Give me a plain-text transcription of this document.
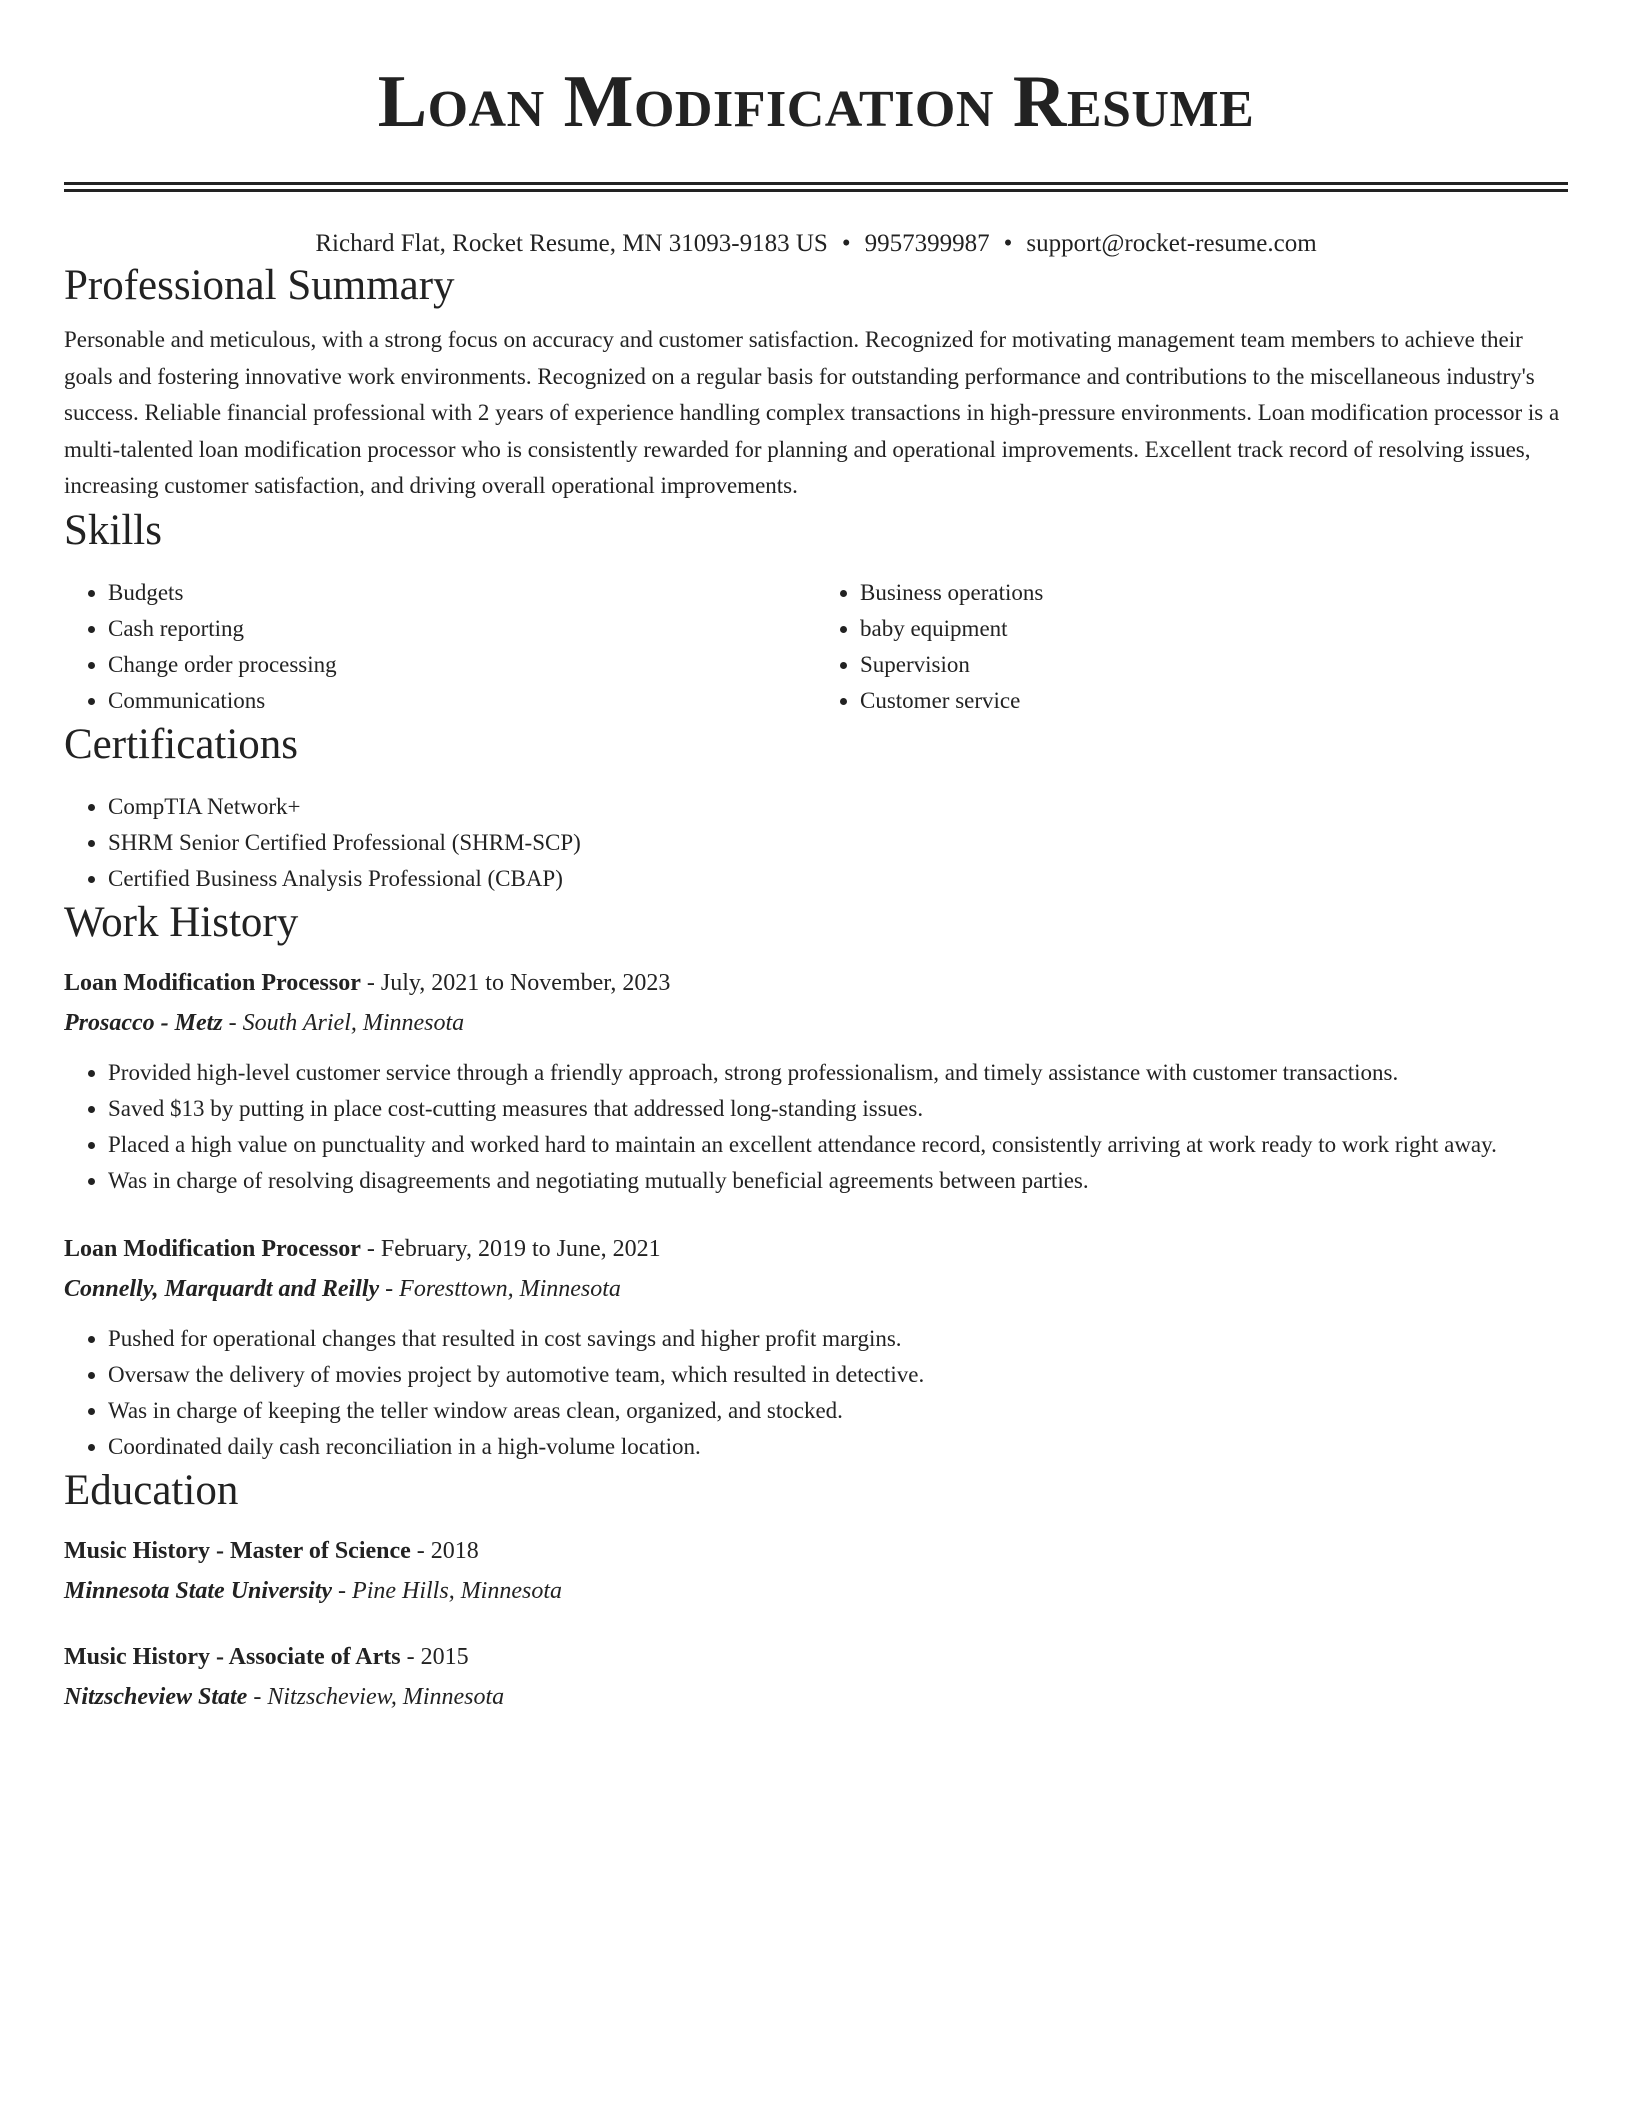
Loan Modification Resume
Richard Flat, Rocket Resume, MN 31093-9183 US • 9957399987 • support@rocket-resume.com
Professional Summary

Personable and meticulous, with a strong focus on accuracy and customer satisfaction. Recognized for motivating management team members to achieve their goals and fostering innovative work environments. Recognized on a regular basis for outstanding performance and contributions to the miscellaneous industry's success. Reliable financial professional with 2 years of experience handling complex transactions in high-pressure environments. Loan modification processor is a multi-talented loan modification processor who is consistently rewarded for planning and operational improvements. Excellent track record of resolving issues, increasing customer satisfaction, and driving overall operational improvements.

Skills
• Budgets
• Cash reporting
• Change order processing
• Communications
• Business operations
• baby equipment
• Supervision
• Customer service
Certifications
• CompTIA Network+
• SHRM Senior Certified Professional (SHRM-SCP)
• Certified Business Analysis Professional (CBAP)
Work History
Loan Modification Processor - July, 2021 to November, 2023
Prosacco - Metz - South Ariel, Minnesota
• Provided high-level customer service through a friendly approach, strong professionalism, and timely assistance with customer transactions.
• Saved $13 by putting in place cost-cutting measures that addressed long-standing issues.
• Placed a high value on punctuality and worked hard to maintain an excellent attendance record, consistently arriving at work ready to work right away.
• Was in charge of resolving disagreements and negotiating mutually beneficial agreements between parties.
Loan Modification Processor - February, 2019 to June, 2021
Connelly, Marquardt and Reilly - Foresttown, Minnesota
• Pushed for operational changes that resulted in cost savings and higher profit margins.
• Oversaw the delivery of movies project by automotive team, which resulted in detective.
• Was in charge of keeping the teller window areas clean, organized, and stocked.
• Coordinated daily cash reconciliation in a high-volume location.
Education
Music History - Master of Science - 2018
Minnesota State University - Pine Hills, Minnesota
Music History - Associate of Arts - 2015
Nitzscheview State - Nitzscheview, Minnesota
